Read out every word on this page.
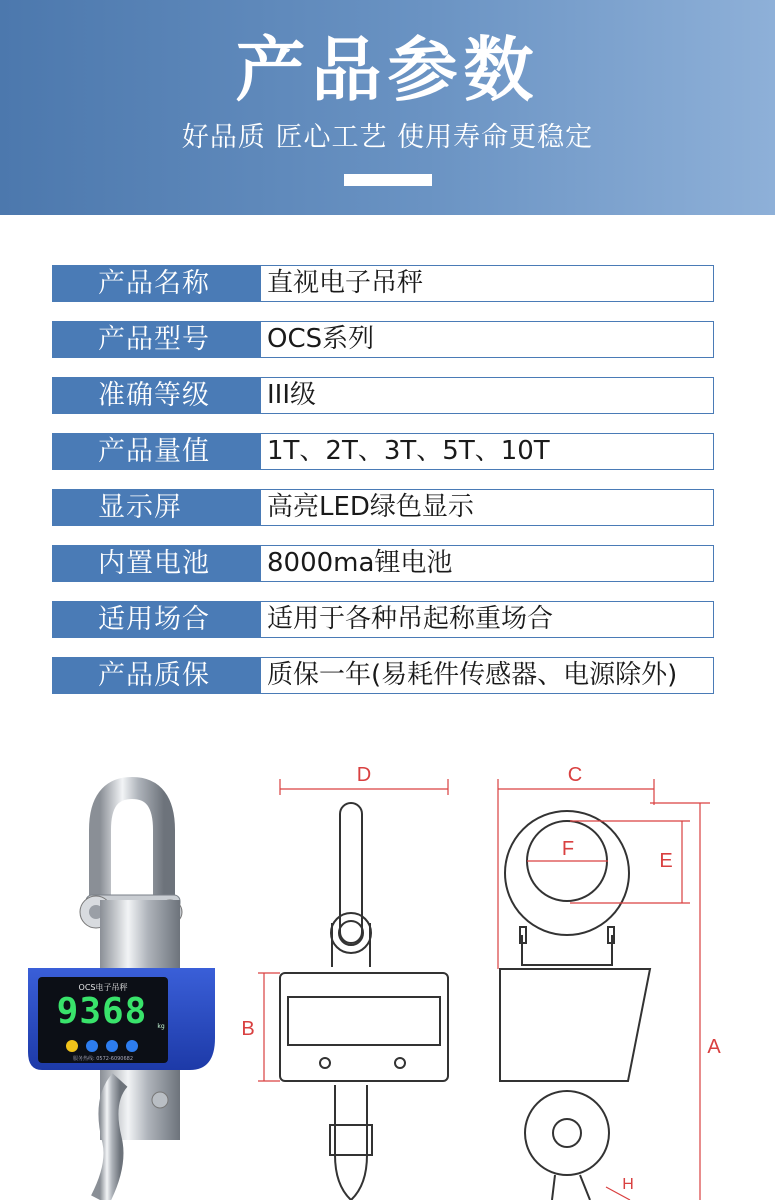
产品参数
好品质 匠心工艺 使用寿命更稳定
产品名称	直视电子吊秤
产品型号	OCS系列
准确等级	III级
产品量值	1T、2T、3T、5T、10T
显示屏	高亮LED绿色显示
内置电池	8000ma锂电池
适用场合	适用于各种吊起称重场合
产品质保	质保一年(易耗件传感器、电源除外)
OCS电子吊秤
9368 kg
服务热线: 0572-6090682
A
B
C
D
E
F
H
